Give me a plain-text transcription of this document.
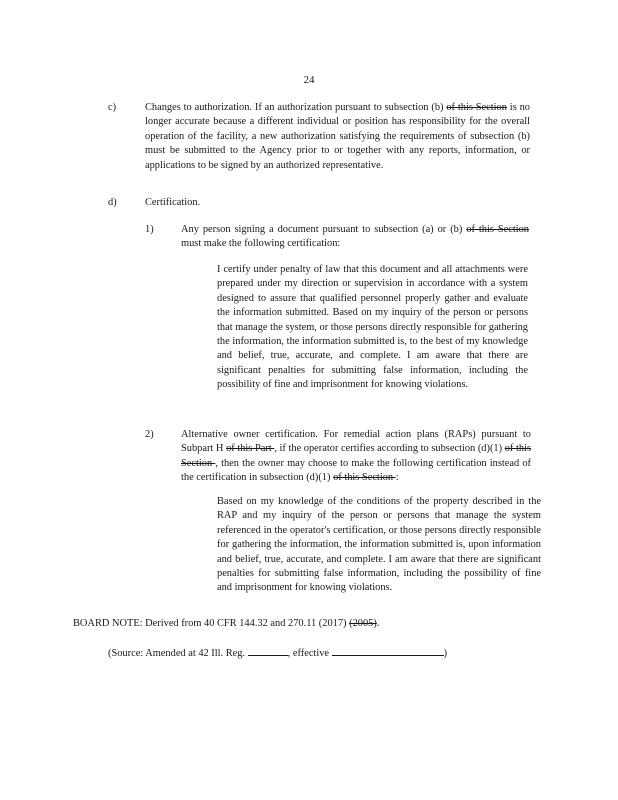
24
c)	Changes to authorization. If an authorization pursuant to subsection (b) of this Section is no longer accurate because a different individual or position has responsibility for the overall operation of the facility, a new authorization satisfying the requirements of subsection (b) must be submitted to the Agency prior to or together with any reports, information, or applications to be signed by an authorized representative.
d)	Certification.
1)	Any person signing a document pursuant to subsection (a) or (b) of this Section must make the following certification:
I certify under penalty of law that this document and all attachments were prepared under my direction or supervision in accordance with a system designed to assure that qualified personnel properly gather and evaluate the information submitted. Based on my inquiry of the person or persons that manage the system, or those persons directly responsible for gathering the information, the information submitted is, to the best of my knowledge and belief, true, accurate, and complete. I am aware that there are significant penalties for submitting false information, including the possibility of fine and imprisonment for knowing violations.
2)	Alternative owner certification. For remedial action plans (RAPs) pursuant to Subpart H of this Part , if the operator certifies according to subsection (d)(1) of this Section , then the owner may choose to make the following certification instead of the certification in subsection (d)(1) of this Section :
Based on my knowledge of the conditions of the property described in the RAP and my inquiry of the person or persons that manage the system referenced in the operator's certification, or those persons directly responsible for gathering the information, the information submitted is, upon information and belief, true, accurate, and complete. I am aware that there are significant penalties for submitting false information, including the possibility of fine and imprisonment for knowing violations.
BOARD NOTE: Derived from 40 CFR 144.32 and 270.11 (2017) (2005).
(Source: Amended at 42 Ill. Reg.	, effective	)
